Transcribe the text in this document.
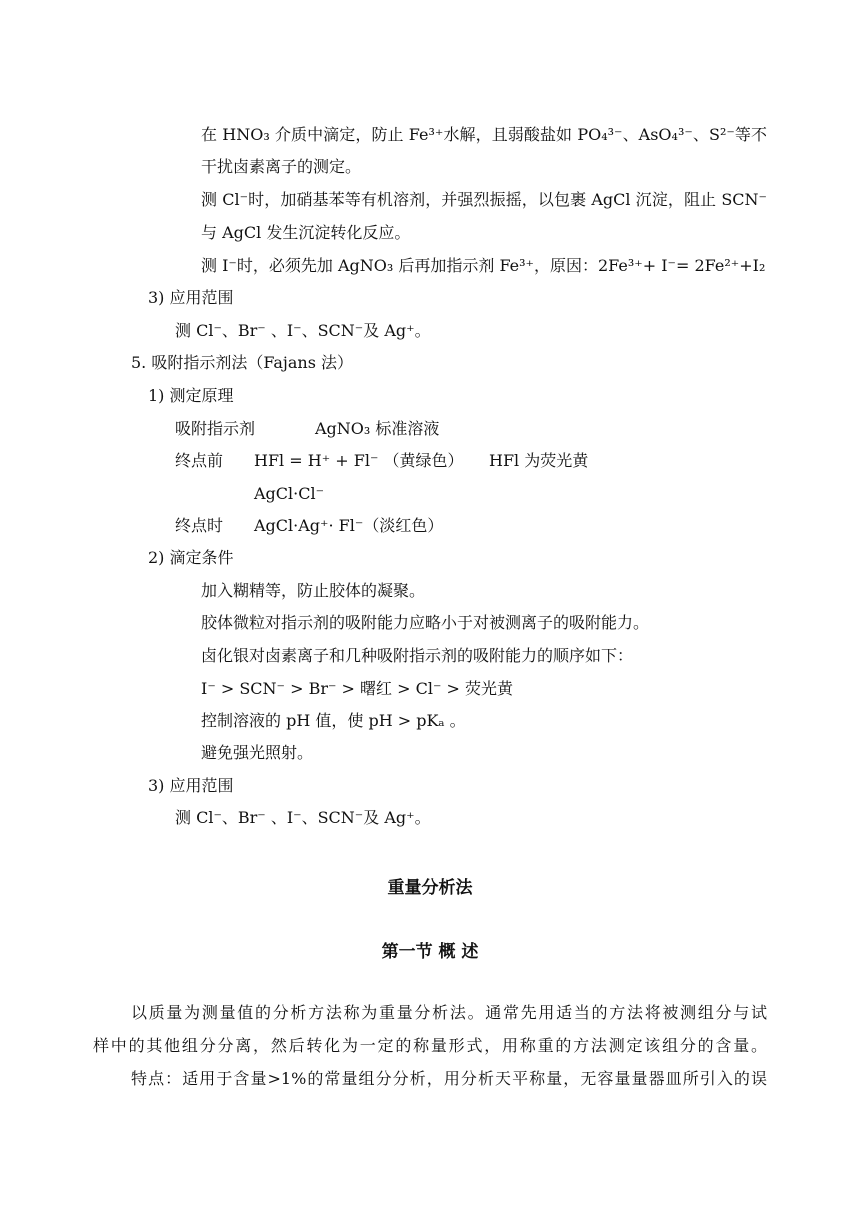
在 HNO₃ 介质中滴定，防止 Fe³⁺水解，且弱酸盐如 PO₄³⁻、AsO₄³⁻、S²⁻等不
干扰卤素离子的测定。
测 Cl⁻时，加硝基苯等有机溶剂，并强烈振摇，以包裹 AgCl 沉淀，阻止 SCN⁻
与 AgCl 发生沉淀转化反应。
测 I⁻时，必须先加 AgNO₃ 后再加指示剂 Fe³⁺，原因：2Fe³⁺+ I⁻= 2Fe²⁺+I₂
3) 应用范围
测 Cl⁻、Br⁻ 、I⁻、SCN⁻及 Ag⁺。
5. 吸附指示剂法（Fajans 法）
1) 测定原理
吸附指示剂	AgNO₃ 标准溶液
终点前 HFl = H⁺ + Fl⁻ （黄绿色） HFl 为荧光黄
AgCl·Cl⁻
终点时 AgCl·Ag⁺· Fl⁻（淡红色）
2) 滴定条件
加入糊精等，防止胶体的凝聚。
胶体微粒对指示剂的吸附能力应略小于对被测离子的吸附能力。
卤化银对卤素离子和几种吸附指示剂的吸附能力的顺序如下：
I⁻ > SCN⁻ > Br⁻ > 曙红 > Cl⁻ > 荧光黄
控制溶液的 pH 值，使 pH > pKₐ 。
避免强光照射。
3) 应用范围
测 Cl⁻、Br⁻ 、I⁻、SCN⁻及 Ag⁺。
重量分析法
第一节 概 述
以质量为测量值的分析方法称为重量分析法。通常先用适当的方法将被测组分与试
样中的其他组分分离，然后转化为一定的称量形式，用称重的方法测定该组分的含量。
特点：适用于含量>1%的常量组分分析，用分析天平称量，无容量量器皿所引入的误
